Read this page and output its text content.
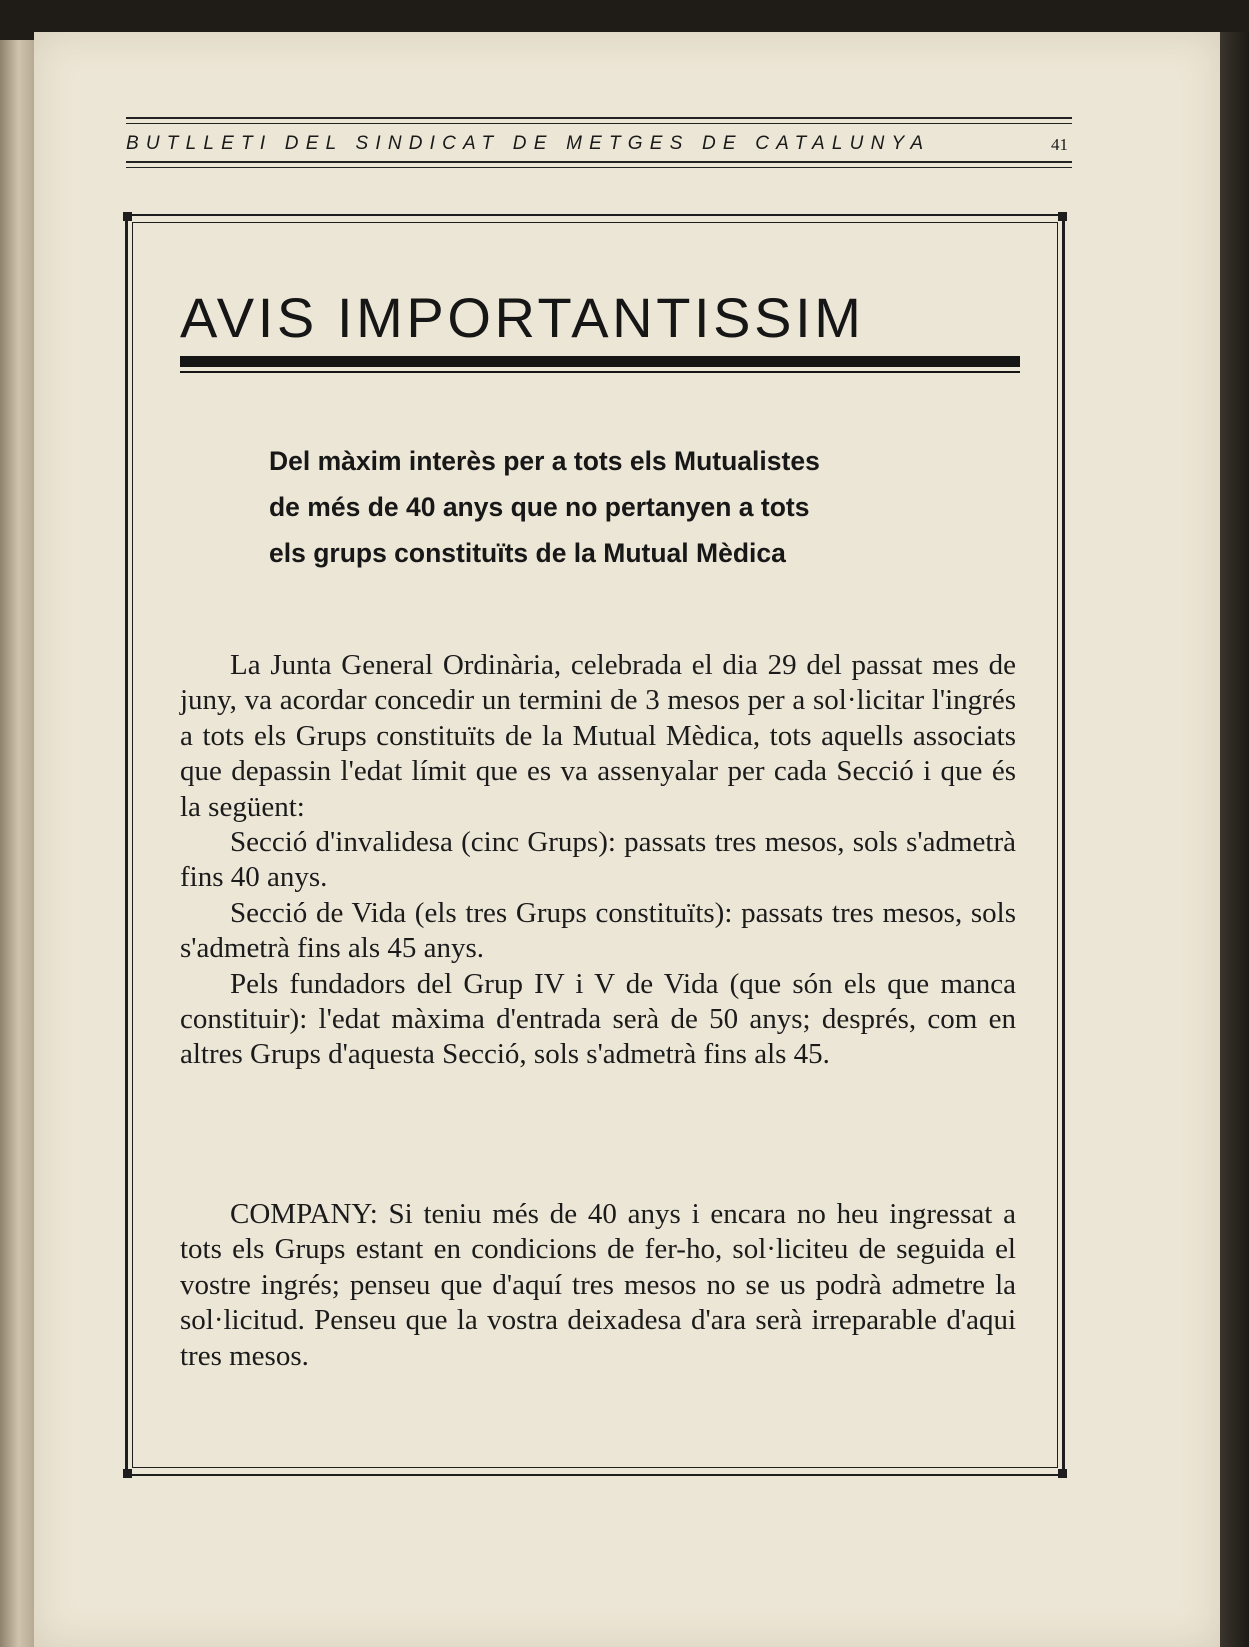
BUTLLETI DEL SINDICAT DE METGES DE CATALUNYA	41
AVIS IMPORTANTISSIM
Del màxim interès per a tots els Mutualistes
de més de 40 anys que no pertanyen a tots
els grups constituïts de la Mutual Mèdica

La Junta General Ordinària, celebrada el dia 29 del passat mes de juny, va acordar concedir un termini de 3 mesos per a sol·licitar l'ingrés a tots els Grups constituïts de la Mutual Mèdica, tots aquells associats que depassin l'edat límit que es va assenyalar per cada Secció i que és la següent:

Secció d'invalidesa (cinc Grups): passats tres mesos, sols s'admetrà fins 40 anys.

Secció de Vida (els tres Grups constituïts): passats tres mesos, sols s'admetrà fins als 45 anys.

Pels fundadors del Grup IV i V de Vida (que són els que manca constituir): l'edat màxima d'entrada serà de 50 anys; després, com en altres Grups d'aquesta Secció, sols s'admetrà fins als 45.

COMPANY: Si teniu més de 40 anys i encara no heu ingressat a tots els Grups estant en condicions de fer-ho, sol·liciteu de seguida el vostre ingrés; penseu que d'aquí tres mesos no se us podrà admetre la sol·licitud. Penseu que la vostra deixadesa d'ara serà irreparable d'aqui tres mesos.
